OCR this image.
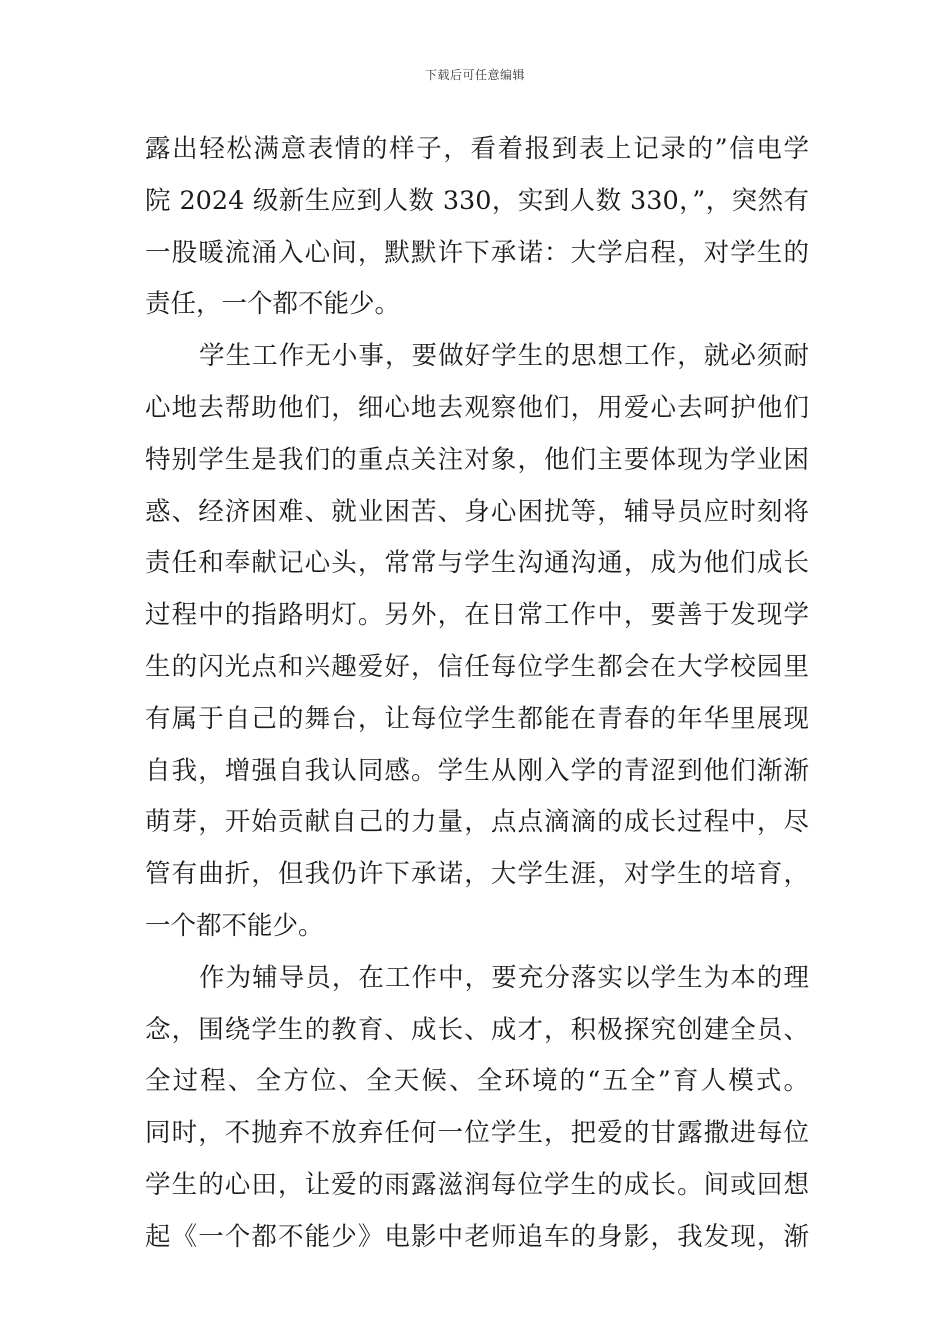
下载后可任意编辑
露出轻松满意表情的样子，看着报到表上记录的”信电学
院 2024 级新生应到人数 330，实到人数 330，”，突然有
一股暖流涌入心间，默默许下承诺：大学启程，对学生的
责任，一个都不能少。
学生工作无小事，要做好学生的思想工作，就必须耐
心地去帮助他们，细心地去观察他们，用爱心去呵护他们
特别学生是我们的重点关注对象，他们主要体现为学业困
惑、经济困难、就业困苦、身心困扰等，辅导员应时刻将
责任和奉献记心头，常常与学生沟通沟通，成为他们成长
过程中的指路明灯。另外，在日常工作中，要善于发现学
生的闪光点和兴趣爱好，信任每位学生都会在大学校园里
有属于自己的舞台，让每位学生都能在青春的年华里展现
自我，增强自我认同感。学生从刚入学的青涩到他们渐渐
萌芽，开始贡献自己的力量，点点滴滴的成长过程中，尽
管有曲折，但我仍许下承诺，大学生涯，对学生的培育，
一个都不能少。
作为辅导员，在工作中，要充分落实以学生为本的理
念，围绕学生的教育、成长、成才，积极探究创建全员、
全过程、全方位、全天候、全环境的“五全”育人模式。
同时，不抛弃不放弃任何一位学生，把爱的甘露撒进每位
学生的心田，让爱的雨露滋润每位学生的成长。间或回想
起《一个都不能少》电影中老师追车的身影，我发现，渐
